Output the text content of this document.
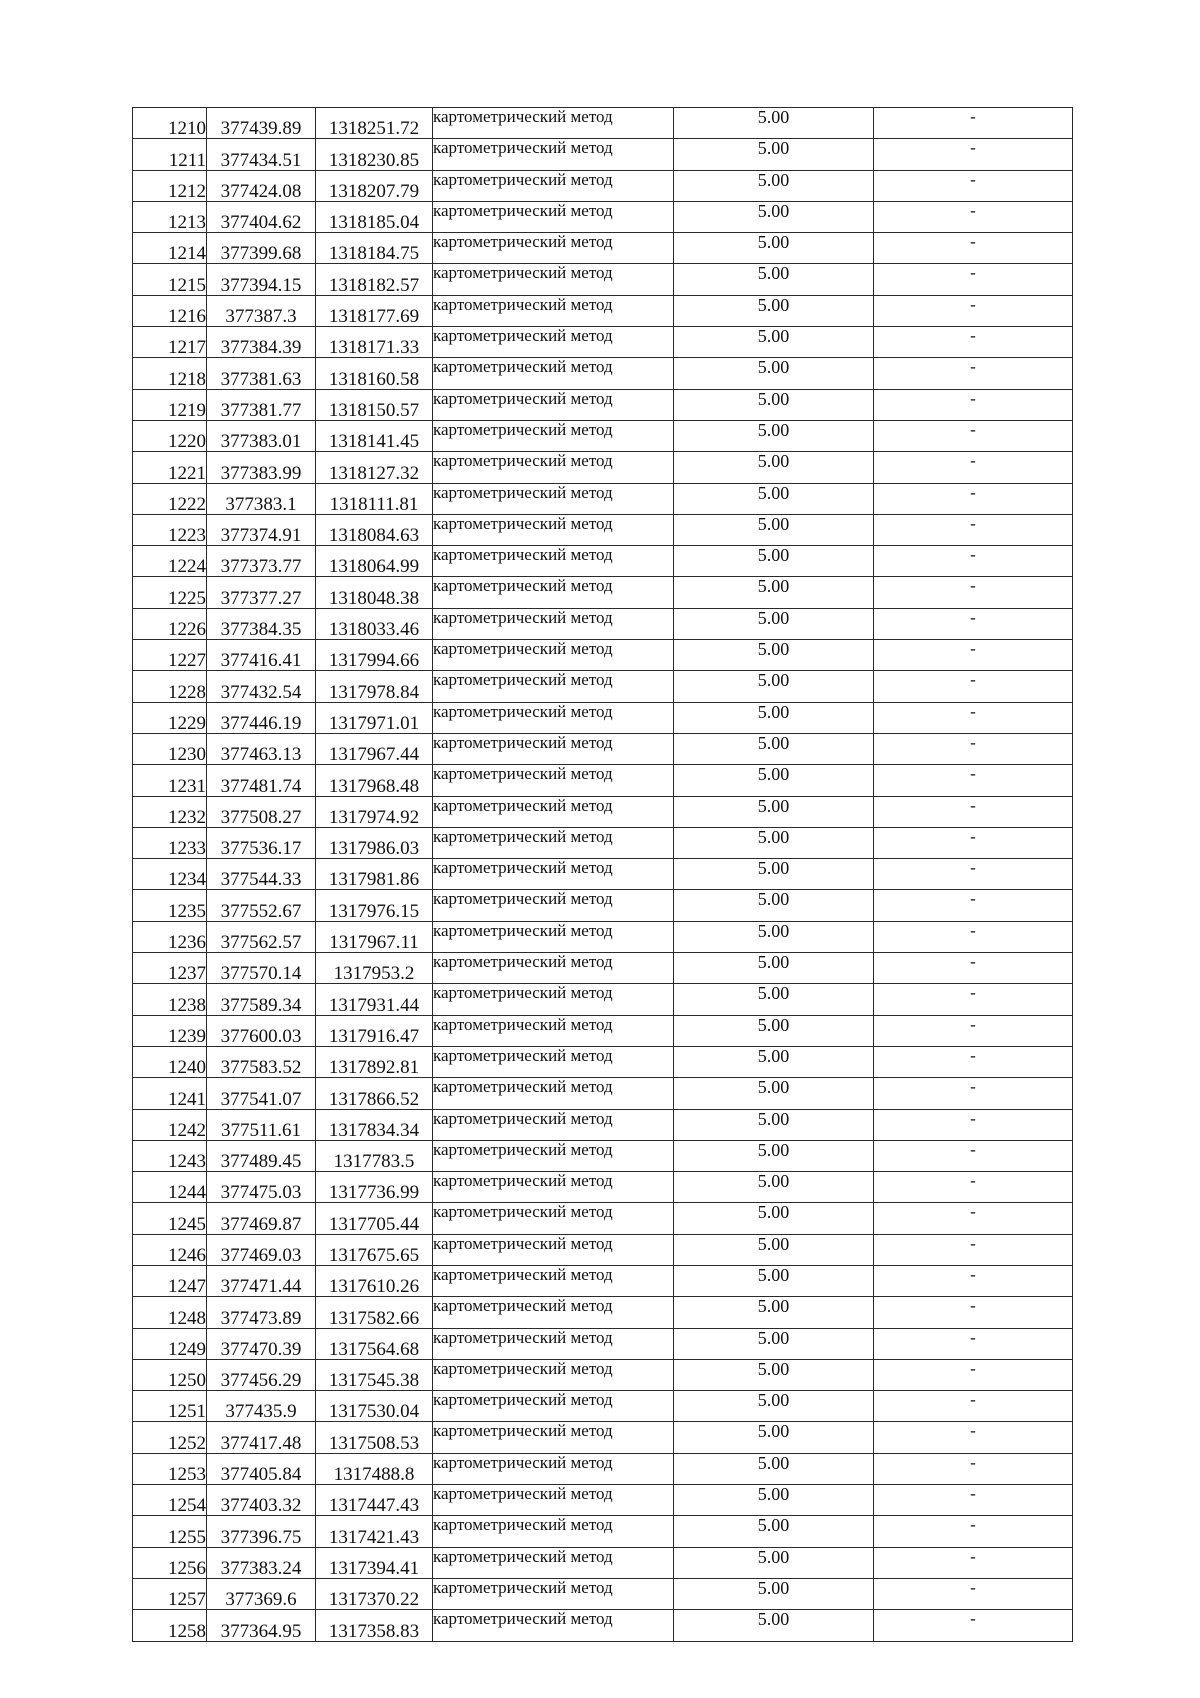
1210	377439.89	1318251.72	картометрический метод	5.00	-
1211	377434.51	1318230.85	картометрический метод	5.00	-
1212	377424.08	1318207.79	картометрический метод	5.00	-
1213	377404.62	1318185.04	картометрический метод	5.00	-
1214	377399.68	1318184.75	картометрический метод	5.00	-
1215	377394.15	1318182.57	картометрический метод	5.00	-
1216	377387.3	1318177.69	картометрический метод	5.00	-
1217	377384.39	1318171.33	картометрический метод	5.00	-
1218	377381.63	1318160.58	картометрический метод	5.00	-
1219	377381.77	1318150.57	картометрический метод	5.00	-
1220	377383.01	1318141.45	картометрический метод	5.00	-
1221	377383.99	1318127.32	картометрический метод	5.00	-
1222	377383.1	1318111.81	картометрический метод	5.00	-
1223	377374.91	1318084.63	картометрический метод	5.00	-
1224	377373.77	1318064.99	картометрический метод	5.00	-
1225	377377.27	1318048.38	картометрический метод	5.00	-
1226	377384.35	1318033.46	картометрический метод	5.00	-
1227	377416.41	1317994.66	картометрический метод	5.00	-
1228	377432.54	1317978.84	картометрический метод	5.00	-
1229	377446.19	1317971.01	картометрический метод	5.00	-
1230	377463.13	1317967.44	картометрический метод	5.00	-
1231	377481.74	1317968.48	картометрический метод	5.00	-
1232	377508.27	1317974.92	картометрический метод	5.00	-
1233	377536.17	1317986.03	картометрический метод	5.00	-
1234	377544.33	1317981.86	картометрический метод	5.00	-
1235	377552.67	1317976.15	картометрический метод	5.00	-
1236	377562.57	1317967.11	картометрический метод	5.00	-
1237	377570.14	1317953.2	картометрический метод	5.00	-
1238	377589.34	1317931.44	картометрический метод	5.00	-
1239	377600.03	1317916.47	картометрический метод	5.00	-
1240	377583.52	1317892.81	картометрический метод	5.00	-
1241	377541.07	1317866.52	картометрический метод	5.00	-
1242	377511.61	1317834.34	картометрический метод	5.00	-
1243	377489.45	1317783.5	картометрический метод	5.00	-
1244	377475.03	1317736.99	картометрический метод	5.00	-
1245	377469.87	1317705.44	картометрический метод	5.00	-
1246	377469.03	1317675.65	картометрический метод	5.00	-
1247	377471.44	1317610.26	картометрический метод	5.00	-
1248	377473.89	1317582.66	картометрический метод	5.00	-
1249	377470.39	1317564.68	картометрический метод	5.00	-
1250	377456.29	1317545.38	картометрический метод	5.00	-
1251	377435.9	1317530.04	картометрический метод	5.00	-
1252	377417.48	1317508.53	картометрический метод	5.00	-
1253	377405.84	1317488.8	картометрический метод	5.00	-
1254	377403.32	1317447.43	картометрический метод	5.00	-
1255	377396.75	1317421.43	картометрический метод	5.00	-
1256	377383.24	1317394.41	картометрический метод	5.00	-
1257	377369.6	1317370.22	картометрический метод	5.00	-
1258	377364.95	1317358.83	картометрический метод	5.00	-
